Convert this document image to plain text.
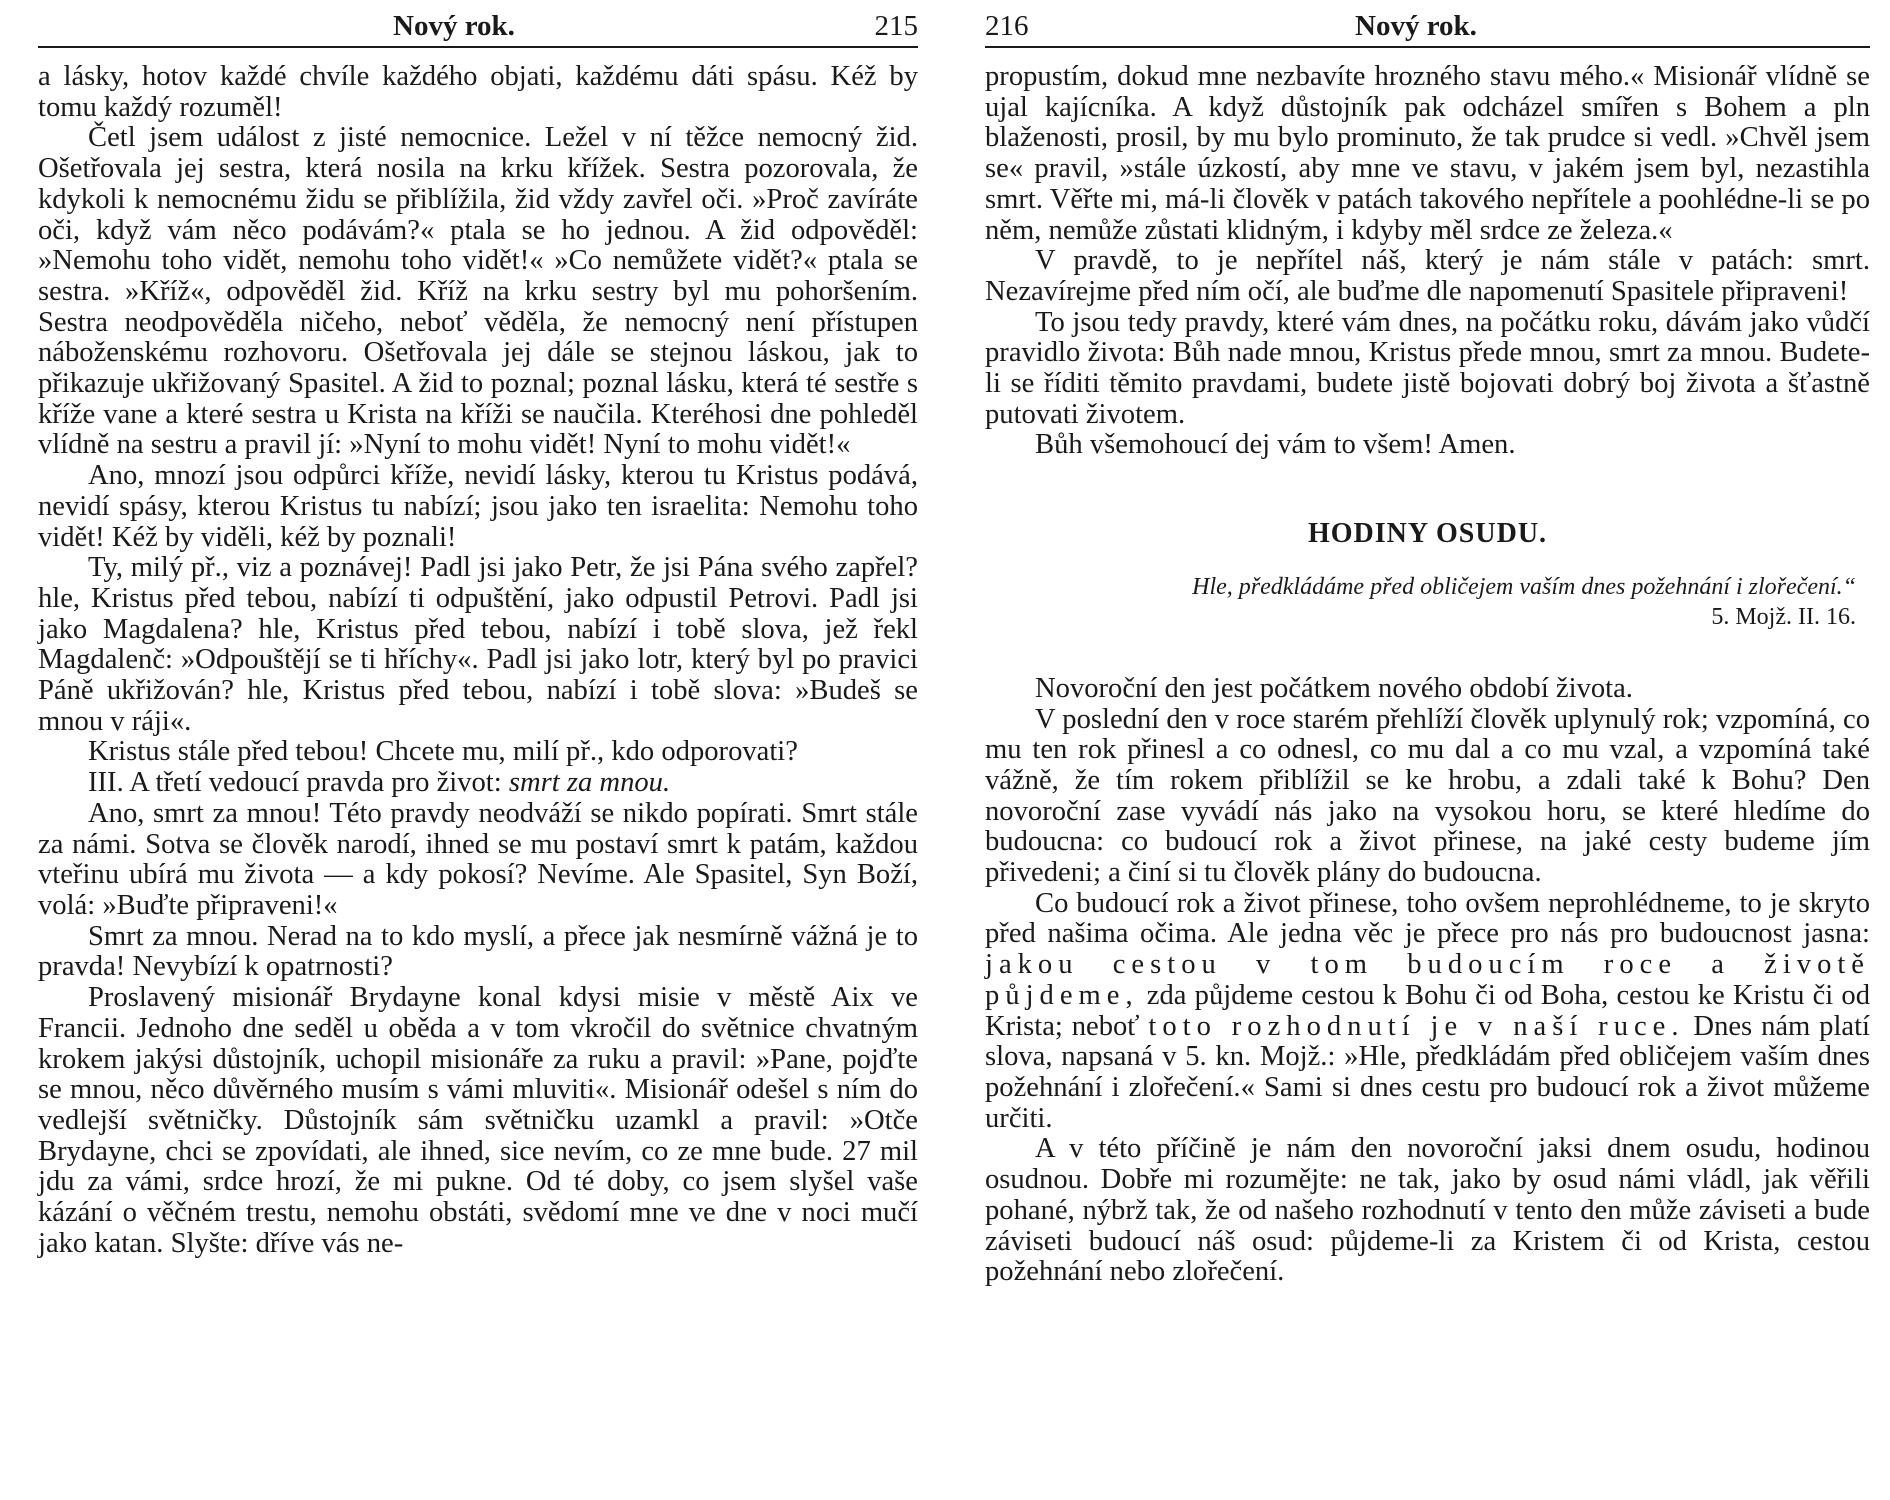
Nový rok.	215

a lásky, hotov každé chvíle každého objati, každému dáti spásu. Kéž by tomu každý rozuměl!

Četl jsem událost z jisté nemocnice. Ležel v ní těžce nemocný žid. Ošetřovala jej sestra, která nosila na krku křížek. Sestra pozorovala, že kdykoli k nemocnému židu se přiblížila, žid vždy zavřel oči. »Proč zavíráte oči, když vám něco podávám?« ptala se ho jednou. A žid odpověděl: »Nemohu toho vidět, nemohu toho vidět!« »Co nemůžete vidět?« ptala se sestra. »Kříž«, odpověděl žid. Kříž na krku sestry byl mu pohoršením. Sestra neodpověděla ničeho, neboť věděla, že nemocný není přístupen náboženskému rozhovoru. Ošetřovala jej dále se stejnou láskou, jak to přikazuje ukřižovaný Spasitel. A žid to poznal; poznal lásku, která té sestře s kříže vane a které sestra u Krista na kříži se naučila. Kteréhosi dne pohleděl vlídně na sestru a pravil jí: »Nyní to mohu vidět! Nyní to mohu vidět!«

Ano, mnozí jsou odpůrci kříže, nevidí lásky, kterou tu Kristus podává, nevidí spásy, kterou Kristus tu nabízí; jsou jako ten israelita: Nemohu toho vidět! Kéž by viděli, kéž by poznali!

Ty, milý př., viz a poznávej! Padl jsi jako Petr, že jsi Pána svého zapřel? hle, Kristus před tebou, nabízí ti odpuštění, jako odpustil Petrovi. Padl jsi jako Magdalena? hle, Kristus před tebou, nabízí i tobě slova, jež řekl Magdalenč: »Odpouštějí se ti hříchy«. Padl jsi jako lotr, který byl po pravici Páně ukřižován? hle, Kristus před tebou, nabízí i tobě slova: »Budeš se mnou v ráji«.

Kristus stále před tebou! Chcete mu, milí př., kdo odporovati?

III. A třetí vedoucí pravda pro život: smrt za mnou.

Ano, smrt za mnou! Této pravdy neodváží se nikdo popírati. Smrt stále za námi. Sotva se člověk narodí, ihned se mu postaví smrt k patám, každou vteřinu ubírá mu života — a kdy pokosí? Nevíme. Ale Spasitel, Syn Boží, volá: »Buďte připraveni!«

Smrt za mnou. Nerad na to kdo myslí, a přece jak nesmírně vážná je to pravda! Nevybízí k opatrnosti?

Proslavený misionář Brydayne konal kdysi misie v městě Aix ve Francii. Jednoho dne seděl u oběda a v tom vkročil do světnice chvatným krokem jakýsi důstojník, uchopil misionáře za ruku a pravil: »Pane, pojďte se mnou, něco důvěrného musím s vámi mluviti«. Misionář odešel s ním do vedlejší světničky. Důstojník sám světničku uzamkl a pravil: »Otče Brydayne, chci se zpovídati, ale ihned, sice nevím, co ze mne bude. 27 mil jdu za vámi, srdce hrozí, že mi pukne. Od té doby, co jsem slyšel vaše kázání o věčném trestu, nemohu obstáti, svědomí mne ve dne v noci mučí jako katan. Slyšte: dříve vás ne-

216	Nový rok.

propustím, dokud mne nezbavíte hrozného stavu mého.« Misionář vlídně se ujal kajícníka. A když důstojník pak odcházel smířen s Bohem a pln blaženosti, prosil, by mu bylo prominuto, že tak prudce si vedl. »Chvěl jsem se« pravil, »stále úzkostí, aby mne ve stavu, v jakém jsem byl, nezastihla smrt. Věřte mi, má-li člověk v patách takového nepřítele a poohlédne-li se po něm, nemůže zůstati klidným, i kdyby měl srdce ze železa.«

V pravdě, to je nepřítel náš, který je nám stále v patách: smrt. Nezavírejme před ním očí, ale buďme dle napomenutí Spasitele připraveni!

To jsou tedy pravdy, které vám dnes, na počátku roku, dávám jako vůdčí pravidlo života: Bůh nade mnou, Kristus přede mnou, smrt za mnou. Budete-li se říditi těmito pravdami, budete jistě bojovati dobrý boj života a šťastně putovati životem.

Bůh všemohoucí dej vám to všem! Amen.

HODINY OSUDU.
Hle, předkládáme před obličejem vaším dnes požehnání i zlořečení.“
5. Mojž. II. 16.

Novoroční den jest počátkem nového období života.

V poslední den v roce starém přehlíží člověk uplynulý rok; vzpomíná, co mu ten rok přinesl a co odnesl, co mu dal a co mu vzal, a vzpomíná také vážně, že tím rokem přiblížil se ke hrobu, a zdali také k Bohu? Den novoroční zase vyvádí nás jako na vysokou horu, se které hledíme do budoucna: co budoucí rok a život přinese, na jaké cesty budeme jím přivedeni; a činí si tu člověk plány do budoucna.

Co budoucí rok a život přinese, toho ovšem neprohlédneme, to je skryto před našima očima. Ale jedna věc je přece pro nás pro budoucnost jasna: jakou cestou v tom budoucím roce a životě půjdeme, zda půjdeme cestou k Bohu či od Boha, cestou ke Kristu či od Krista; neboť toto rozhodnutí je v naší ruce. Dnes nám platí slova, napsaná v 5. kn. Mojž.: »Hle, předkládám před obličejem vaším dnes požehnání i zlořečení.« Sami si dnes cestu pro budoucí rok a život můžeme určiti.

A v této příčině je nám den novoroční jaksi dnem osudu, hodinou osudnou. Dobře mi rozumějte: ne tak, jako by osud námi vládl, jak věřili pohané, nýbrž tak, že od našeho rozhodnutí v tento den může záviseti a bude záviseti budoucí náš osud: půjdeme-li za Kristem či od Krista, cestou požehnání nebo zlořečení.
